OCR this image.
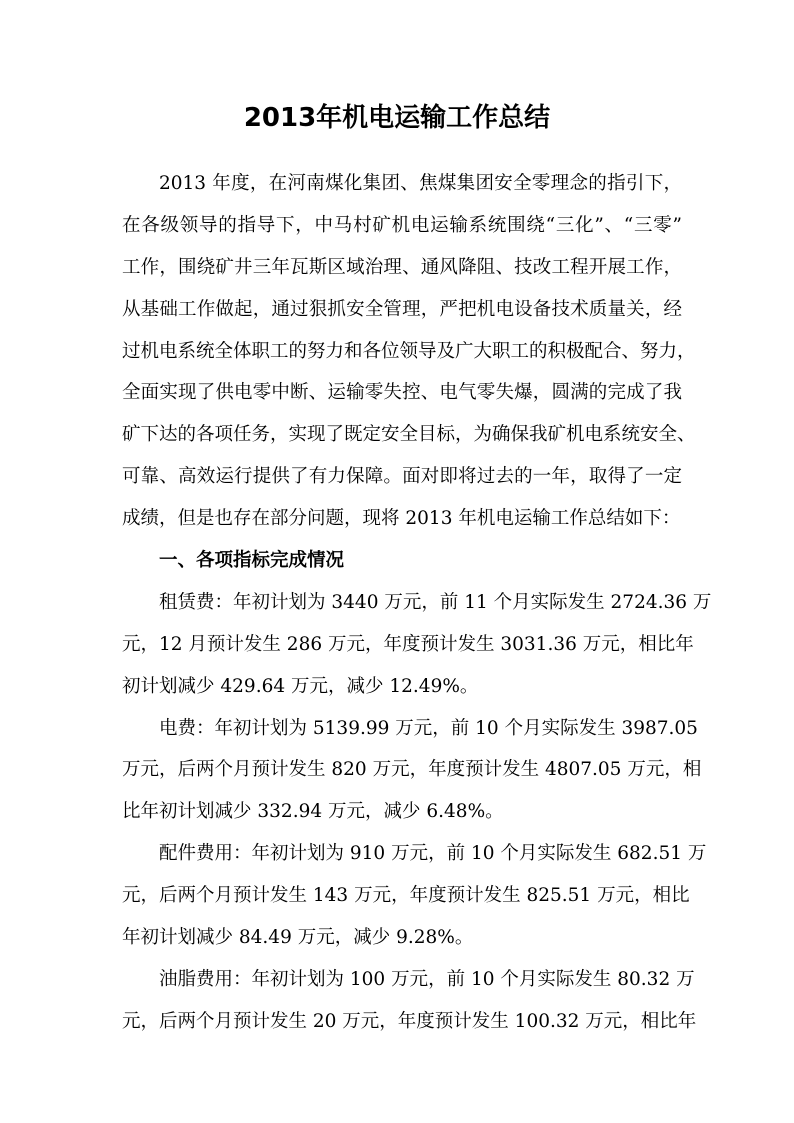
2013年机电运输工作总结
2013 年度，在河南煤化集团、焦煤集团安全零理念的指引下，
在各级领导的指导下，中马村矿机电运输系统围绕“三化”、“三零”
工作，围绕矿井三年瓦斯区域治理、通风降阻、技改工程开展工作，
从基础工作做起，通过狠抓安全管理，严把机电设备技术质量关，经
过机电系统全体职工的努力和各位领导及广大职工的积极配合、努力，
全面实现了供电零中断、运输零失控、电气零失爆，圆满的完成了我
矿下达的各项任务，实现了既定安全目标，为确保我矿机电系统安全、
可靠、高效运行提供了有力保障。面对即将过去的一年，取得了一定
成绩，但是也存在部分问题，现将 2013 年机电运输工作总结如下：
一、各项指标完成情况
租赁费：年初计划为 3440 万元，前 11 个月实际发生 2724.36 万
元，12 月预计发生 286 万元，年度预计发生 3031.36 万元，相比年
初计划减少 429.64 万元，减少 12.49%。
电费：年初计划为 5139.99 万元，前 10 个月实际发生 3987.05
万元，后两个月预计发生 820 万元，年度预计发生 4807.05 万元，相
比年初计划减少 332.94 万元，减少 6.48%。
配件费用：年初计划为 910 万元，前 10 个月实际发生 682.51 万
元，后两个月预计发生 143 万元，年度预计发生 825.51 万元，相比
年初计划减少 84.49 万元，减少 9.28%。
油脂费用：年初计划为 100 万元，前 10 个月实际发生 80.32 万
元，后两个月预计发生 20 万元，年度预计发生 100.32 万元，相比年
